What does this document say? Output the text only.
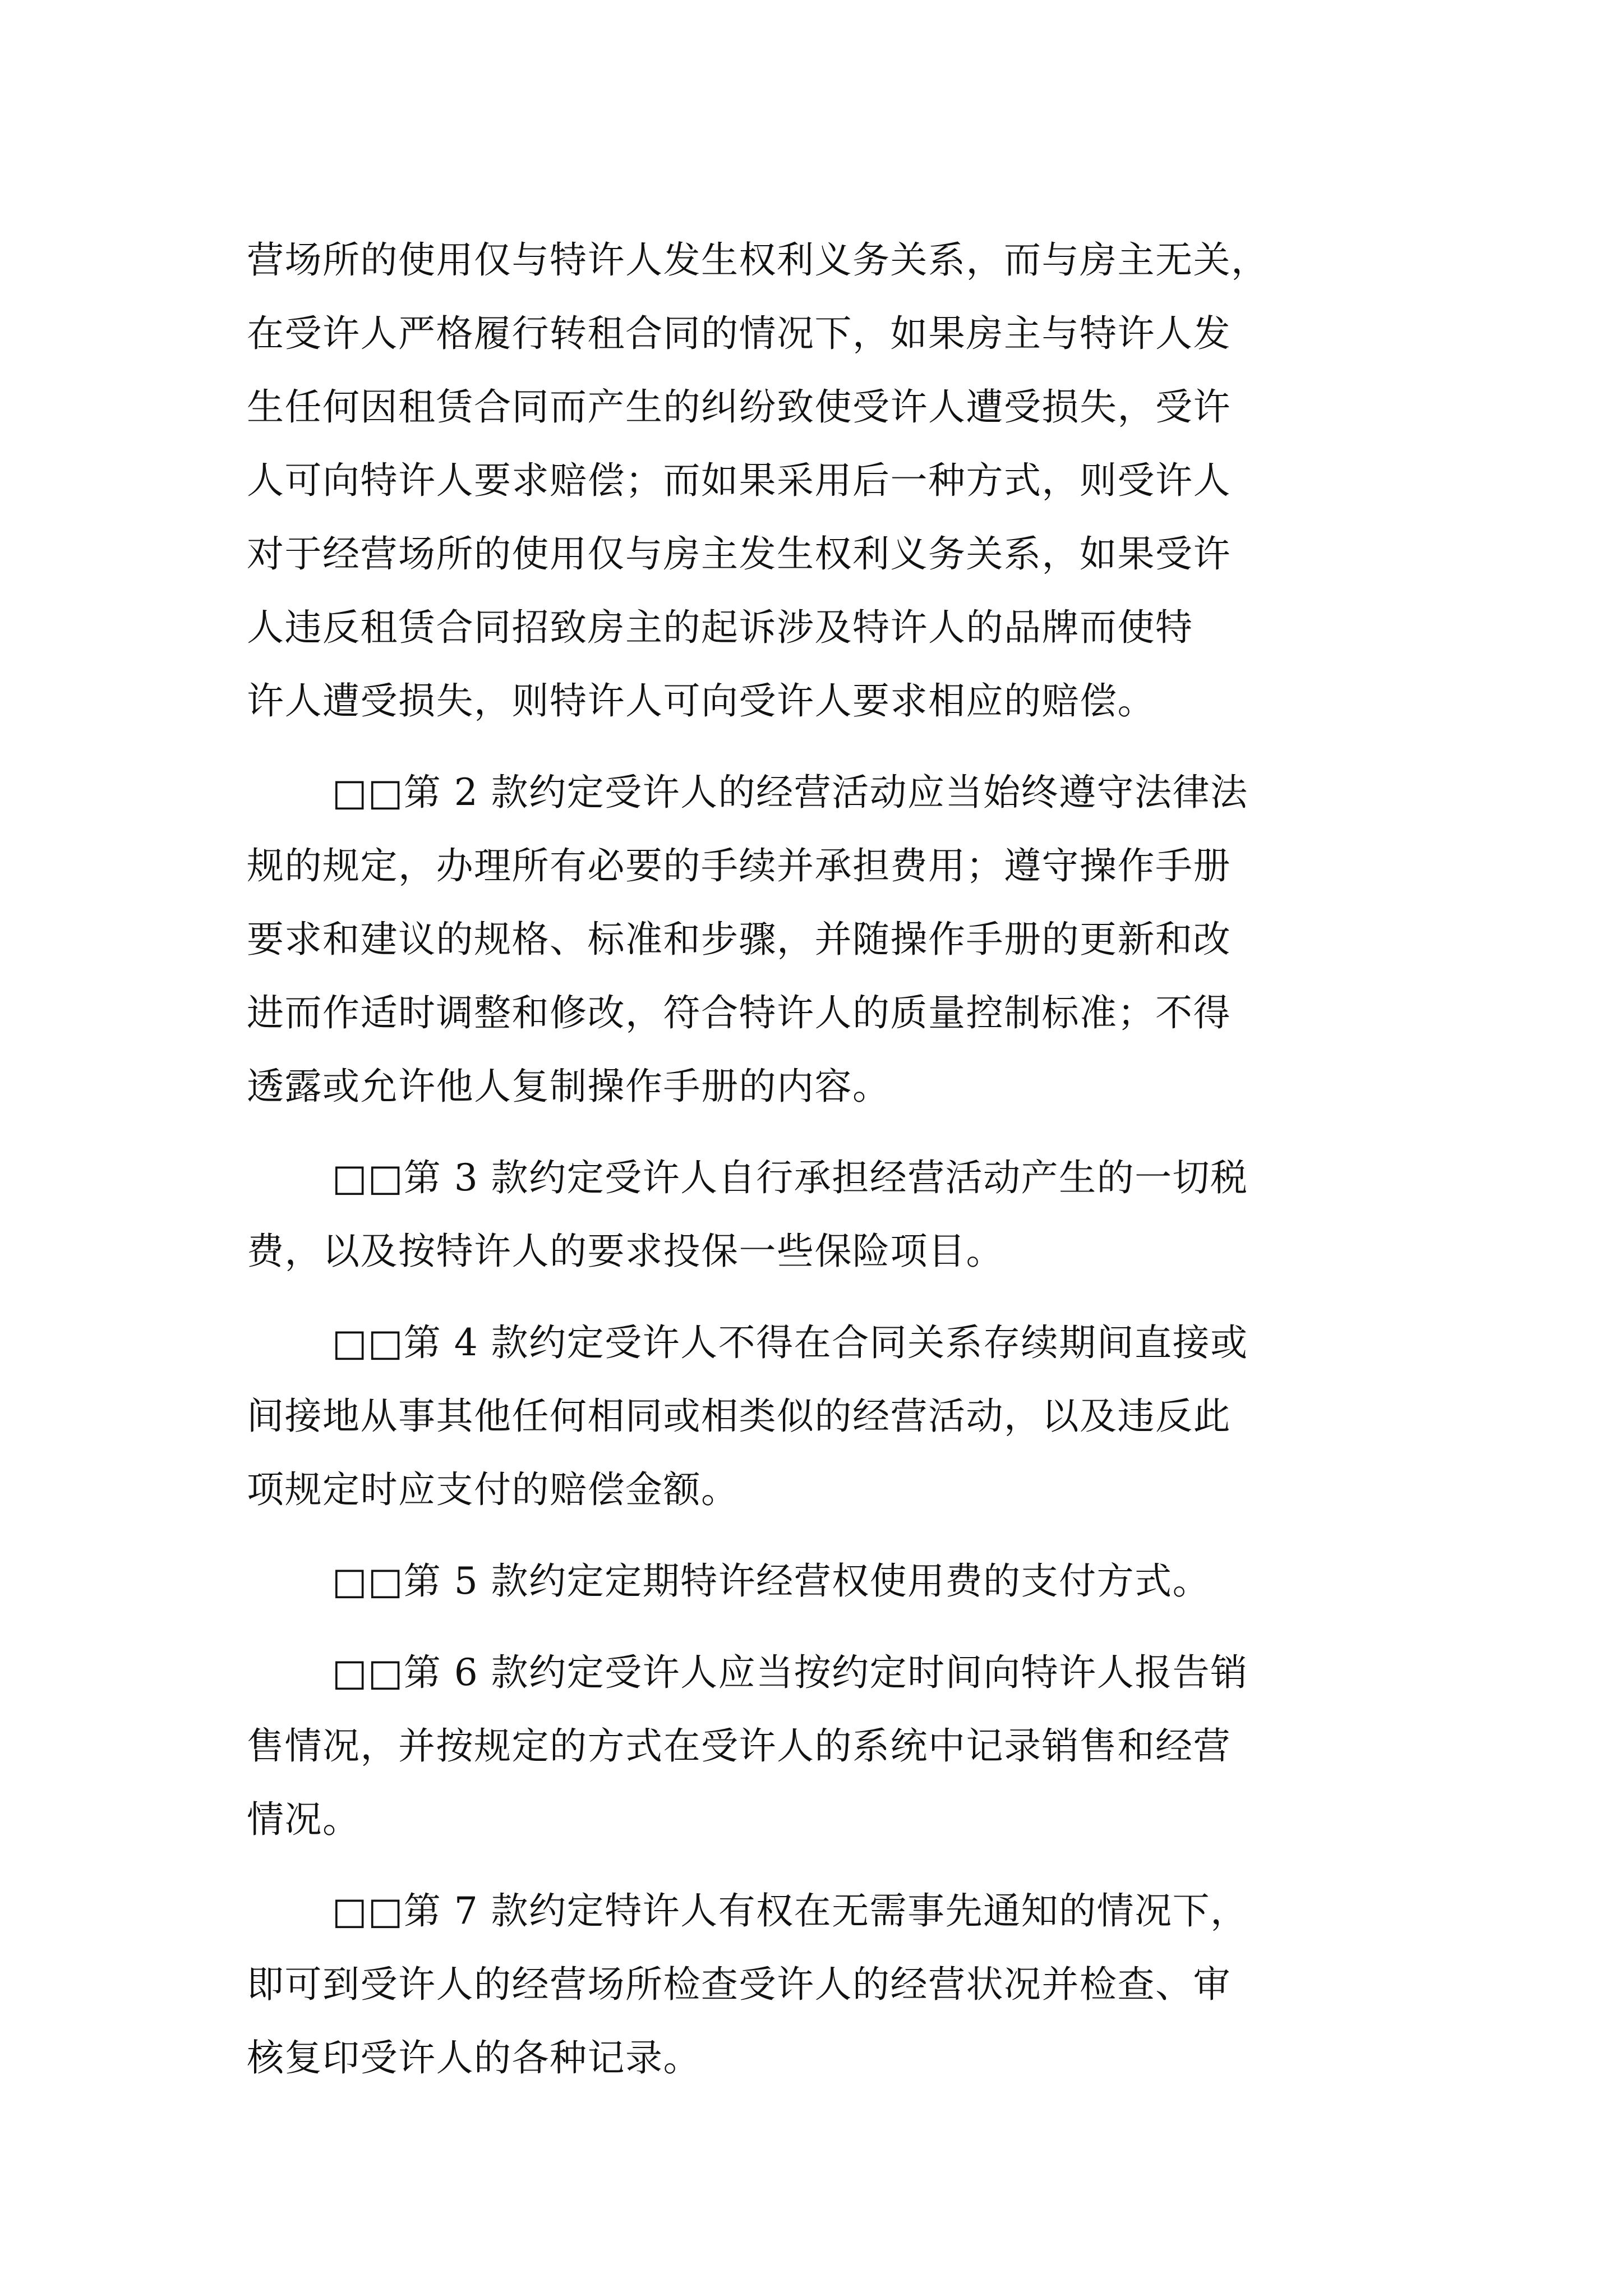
营场所的使用仅与特许人发生权利义务关系，而与房主无关，
在受许人严格履行转租合同的情况下，如果房主与特许人发
生任何因租赁合同而产生的纠纷致使受许人遭受损失，受许
人可向特许人要求赔偿；而如果采用后一种方式，则受许人
对于经营场所的使用仅与房主发生权利义务关系，如果受许
人违反租赁合同招致房主的起诉涉及特许人的品牌而使特
许人遭受损失，则特许人可向受许人要求相应的赔偿。
□□第 2 款约定受许人的经营活动应当始终遵守法律法
规的规定，办理所有必要的手续并承担费用；遵守操作手册
要求和建议的规格、标准和步骤，并随操作手册的更新和改
进而作适时调整和修改，符合特许人的质量控制标准；不得
透露或允许他人复制操作手册的内容。
□□第 3 款约定受许人自行承担经营活动产生的一切税
费，以及按特许人的要求投保一些保险项目。
□□第 4 款约定受许人不得在合同关系存续期间直接或
间接地从事其他任何相同或相类似的经营活动，以及违反此
项规定时应支付的赔偿金额。
□□第 5 款约定定期特许经营权使用费的支付方式。
□□第 6 款约定受许人应当按约定时间向特许人报告销
售情况，并按规定的方式在受许人的系统中记录销售和经营
情况。
□□第 7 款约定特许人有权在无需事先通知的情况下，
即可到受许人的经营场所检查受许人的经营状况并检查、审
核复印受许人的各种记录。
